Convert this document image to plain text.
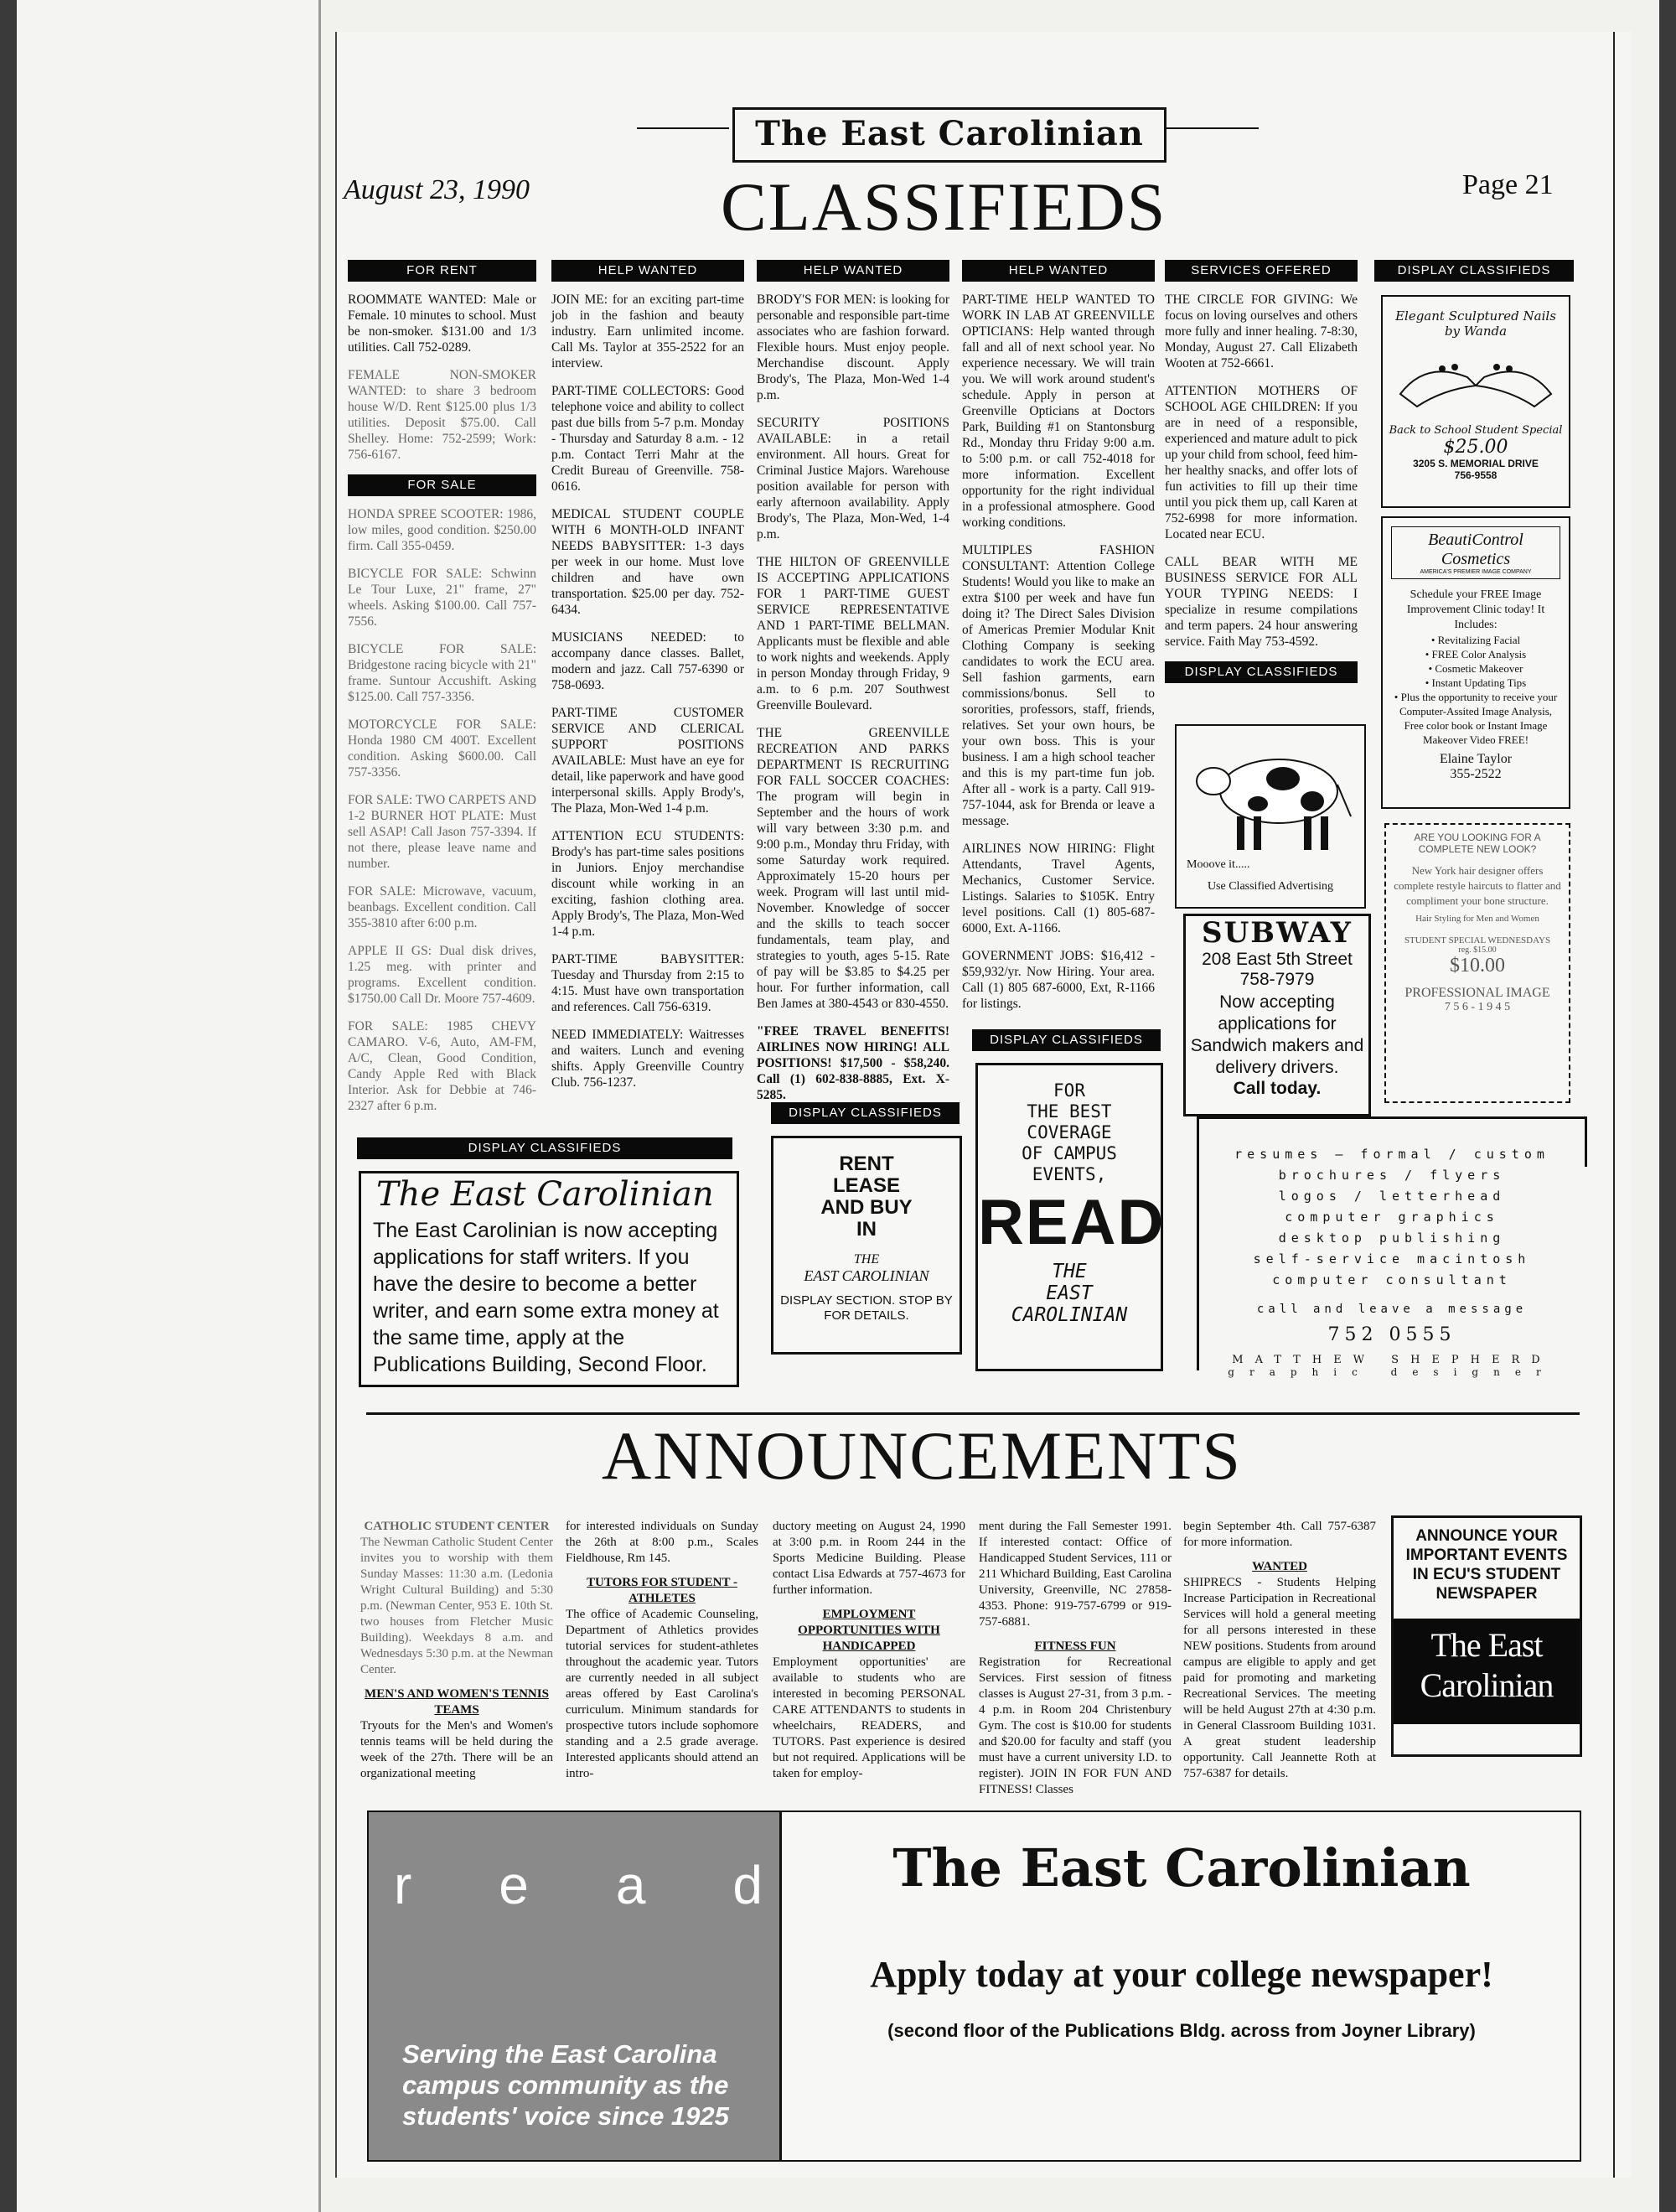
The East Carolinian
August 23, 1990	CLASSIFIEDS	Page 21
FOR RENT

ROOMMATE WANTED: Male or Female. 10 minutes to school. Must be non-smoker. $131.00 and 1/3 utilities. Call 752-0289.

FEMALE NON-SMOKER WANTED: to share 3 bedroom house W/D. Rent $125.00 plus 1/3 utilities. Deposit $75.00. Call Shelley. Home: 752-2599; Work: 756-6167.

FOR SALE

HONDA SPREE SCOOTER: 1986, low miles, good condition. $250.00 firm. Call 355-0459.

BICYCLE FOR SALE: Schwinn Le Tour Luxe, 21" frame, 27" wheels. Asking $100.00. Call 757-7556.

BICYCLE FOR SALE: Bridgestone racing bicycle with 21" frame. Suntour Accushift. Asking $125.00. Call 757-3356.

MOTORCYCLE FOR SALE: Honda 1980 CM 400T. Excellent condition. Asking $600.00. Call 757-3356.

FOR SALE: TWO CARPETS AND 1-2 BURNER HOT PLATE: Must sell ASAP! Call Jason 757-3394. If not there, please leave name and number.

FOR SALE: Microwave, vacuum, beanbags. Excellent condition. Call 355-3810 after 6:00 p.m.

APPLE II GS: Dual disk drives, 1.25 meg. with printer and programs. Excellent condition. $1750.00 Call Dr. Moore 757-4609.

FOR SALE: 1985 CHEVY CAMARO. V-6, Auto, AM-FM, A/C, Clean, Good Condition, Candy Apple Red with Black Interior. Ask for Debbie at 746-2327 after 6 p.m.

HELP WANTED

JOIN ME: for an exciting part-time job in the fashion and beauty industry. Earn unlimited income. Call Ms. Taylor at 355-2522 for an interview.

PART-TIME COLLECTORS: Good telephone voice and ability to collect past due bills from 5-7 p.m. Monday - Thursday and Saturday 8 a.m. - 12 p.m. Contact Terri Mahr at the Credit Bureau of Greenville. 758-0616.

MEDICAL STUDENT COUPLE WITH 6 MONTH-OLD INFANT NEEDS BABYSITTER: 1-3 days per week in our home. Must love children and have own transportation. $25.00 per day. 752-6434.

MUSICIANS NEEDED: to accompany dance classes. Ballet, modern and jazz. Call 757-6390 or 758-0693.

PART-TIME CUSTOMER SERVICE AND CLERICAL SUPPORT POSITIONS AVAILABLE: Must have an eye for detail, like paperwork and have good interpersonal skills. Apply Brody's, The Plaza, Mon-Wed 1-4 p.m.

ATTENTION ECU STUDENTS: Brody's has part-time sales positions in Juniors. Enjoy merchandise discount while working in an exciting, fashion clothing area. Apply Brody's, The Plaza, Mon-Wed 1-4 p.m.

PART-TIME BABYSITTER: Tuesday and Thursday from 2:15 to 4:15. Must have own transportation and references. Call 756-6319.

NEED IMMEDIATELY: Waitresses and waiters. Lunch and evening shifts. Apply Greenville Country Club. 756-1237.

HELP WANTED

BRODY'S FOR MEN: is looking for personable and responsible part-time associates who are fashion forward. Flexible hours. Must enjoy people. Merchandise discount. Apply Brody's, The Plaza, Mon-Wed 1-4 p.m.

SECURITY POSITIONS AVAILABLE: in a retail environment. All hours. Great for Criminal Justice Majors. Warehouse position available for person with early afternoon availability. Apply Brody's, The Plaza, Mon-Wed, 1-4 p.m.

THE HILTON OF GREENVILLE IS ACCEPTING APPLICATIONS FOR 1 PART-TIME GUEST SERVICE REPRESENTATIVE AND 1 PART-TIME BELLMAN. Applicants must be flexible and able to work nights and weekends. Apply in person Monday through Friday, 9 a.m. to 6 p.m. 207 Southwest Greenville Boulevard.

THE GREENVILLE RECREATION AND PARKS DEPARTMENT IS RECRUITING FOR FALL SOCCER COACHES: The program will begin in September and the hours of work will vary between 3:30 p.m. and 9:00 p.m., Monday thru Friday, with some Saturday work required. Approximately 15-20 hours per week. Program will last until mid-November. Knowledge of soccer and the skills to teach soccer fundamentals, team play, and strategies to youth, ages 5-15. Rate of pay will be $3.85 to $4.25 per hour. For further information, call Ben James at 380-4543 or 830-4550.

"FREE TRAVEL BENEFITS! AIRLINES NOW HIRING! ALL POSITIONS! $17,500 - $58,240. Call (1) 602-838-8885, Ext. X-5285.

HELP WANTED

PART-TIME HELP WANTED TO WORK IN LAB AT GREENVILLE OPTICIANS: Help wanted through fall and all of next school year. No experience necessary. We will train you. We will work around student's schedule. Apply in person at Greenville Opticians at Doctors Park, Building #1 on Stantonsburg Rd., Monday thru Friday 9:00 a.m. to 5:00 p.m. or call 752-4018 for more information. Excellent opportunity for the right individual in a professional atmosphere. Good working conditions.

MULTIPLES FASHION CONSULTANT: Attention College Students! Would you like to make an extra $100 per week and have fun doing it? The Direct Sales Division of Americas Premier Modular Knit Clothing Company is seeking candidates to work the ECU area. Sell fashion garments, earn commissions/bonus. Sell to sororities, professors, staff, friends, relatives. Set your own hours, be your own boss. This is your business. I am a high school teacher and this is my part-time fun job. After all - work is a party. Call 919-757-1044, ask for Brenda or leave a message.

AIRLINES NOW HIRING: Flight Attendants, Travel Agents, Mechanics, Customer Service. Listings. Salaries to $105K. Entry level positions. Call (1) 805-687-6000, Ext. A-1166.

GOVERNMENT JOBS: $16,412 - $59,932/yr. Now Hiring. Your area. Call (1) 805 687-6000, Ext, R-1166 for listings.

SERVICES OFFERED

THE CIRCLE FOR GIVING: We focus on loving ourselves and others more fully and inner healing. 7-8:30, Monday, August 27. Call Elizabeth Wooten at 752-6661.

ATTENTION MOTHERS OF SCHOOL AGE CHILDREN: If you are in need of a responsible, experienced and mature adult to pick up your child from school, feed him-her healthy snacks, and offer lots of fun activities to fill up their time until you pick them up, call Karen at 752-6998 for more information. Located near ECU.

CALL BEAR WITH ME BUSINESS SERVICE FOR ALL YOUR TYPING NEEDS: I specialize in resume compilations and term papers. 24 hour answering service. Faith May 753-4592.

DISPLAY CLASSIFIEDS
DISPLAY CLASSIFIEDS
Elegant Sculptured Nails
by Wanda
Back to School Student Special
$25.00
3205 S. MEMORIAL DRIVE
756-9558
BeautiControl Cosmetics
AMERICA'S PREMIER IMAGE COMPANY
Schedule your FREE Image Improvement Clinic today! It Includes:
• Revitalizing Facial
• FREE Color Analysis
• Cosmetic Makeover
• Instant Updating Tips
• Plus the opportunity to receive your Computer-Assited Image Analysis, Free color book or Instant Image Makeover Video FREE!
Elaine Taylor
355-2522
ARE YOU LOOKING FOR A COMPLETE NEW LOOK?
New York hair designer offers complete restyle haircuts to flatter and compliment your bone structure.
Hair Styling for Men and Women
STUDENT SPECIAL WEDNESDAYS
reg. $15.00
$10.00
PROFESSIONAL IMAGE
7 5 6 - 1 9 4 5
Mooove it.....
Use Classified Advertising
SUBWAY
208 East 5th Street
758-7979
Now accepting applications for Sandwich makers and delivery drivers.
Call today.
DISPLAY CLASSIFIEDS
DISPLAY CLASSIFIEDS
DISPLAY CLASSIFIEDS
The East Carolinian
The East Carolinian is now accepting applications for staff writers. If you have the desire to become a better writer, and earn some extra money at the same time, apply at the Publications Building, Second Floor.
RENT
LEASE
AND BUY
IN
THE
EAST CAROLINIAN
DISPLAY SECTION. STOP BY FOR DETAILS.
FOR
THE BEST
COVERAGE
OF CAMPUS
EVENTS,
READ
THE
EAST
CAROLINIAN
resumes — formal / custom
brochures / flyers
logos / letterhead
computer graphics
desktop publishing
self-service macintosh
computer consultant
call and leave a message
752 0555
MATTHEW SHEPHERD
graphic designer
ANNOUNCEMENTS
CATHOLIC STUDENT CENTER

The Newman Catholic Student Center invites you to worship with them Sunday Masses: 11:30 a.m. (Ledonia Wright Cultural Building) and 5:30 p.m. (Newman Center, 953 E. 10th St. two houses from Fletcher Music Building). Weekdays 8 a.m. and Wednesdays 5:30 p.m. at the Newman Center.

MEN'S AND WOMEN'S TENNIS TEAMS

Tryouts for the Men's and Women's tennis teams will be held during the week of the 27th. There will be an organizational meeting

for interested individuals on Sunday the 26th at 8:00 p.m., Scales Fieldhouse, Rm 145.

TUTORS FOR STUDENT - ATHLETES

The office of Academic Counseling, Department of Athletics provides tutorial services for student-athletes throughout the academic year. Tutors are currently needed in all subject areas offered by East Carolina's curriculum. Minimum standards for prospective tutors include sophomore standing and a 2.5 grade average. Interested applicants should attend an intro-

ductory meeting on August 24, 1990 at 3:00 p.m. in Room 244 in the Sports Medicine Building. Please contact Lisa Edwards at 757-4673 for further information.

EMPLOYMENT OPPORTUNITIES WITH HANDICAPPED

Employment opportunities' are available to students who are interested in becoming PERSONAL CARE ATTENDANTS to students in wheelchairs, READERS, and TUTORS. Past experience is desired but not required. Applications will be taken for employ-

ment during the Fall Semester 1991. If interested contact: Office of Handicapped Student Services, 111 or 211 Whichard Building, East Carolina University, Greenville, NC 27858-4353. Phone: 919-757-6799 or 919-757-6881.

FITNESS FUN

Registration for Recreational Services. First session of fitness classes is August 27-31, from 3 p.m. - 4 p.m. in Room 204 Christenbury Gym. The cost is $10.00 for students and $20.00 for faculty and staff (you must have a current university I.D. to register). JOIN IN FOR FUN AND FITNESS! Classes

begin September 4th. Call 757-6387 for more information.

WANTED

SHIPRECS - Students Helping Increase Participation in Recreational Services will hold a general meeting for all persons interested in these NEW positions. Students from around campus are eligible to apply and get paid for promoting and marketing Recreational Services. The meeting will be held August 27th at 4:30 p.m. in General Classroom Building 1031. A great student leadership opportunity. Call Jeannette Roth at 757-6387 for details.

ANNOUNCE YOUR IMPORTANT EVENTS IN ECU'S STUDENT NEWSPAPER
The East
Carolinian
r e a d
Serving the East Carolina campus community as the students' voice since 1925
The East Carolinian
Apply today at your college newspaper!
(second floor of the Publications Bldg. across from Joyner Library)
